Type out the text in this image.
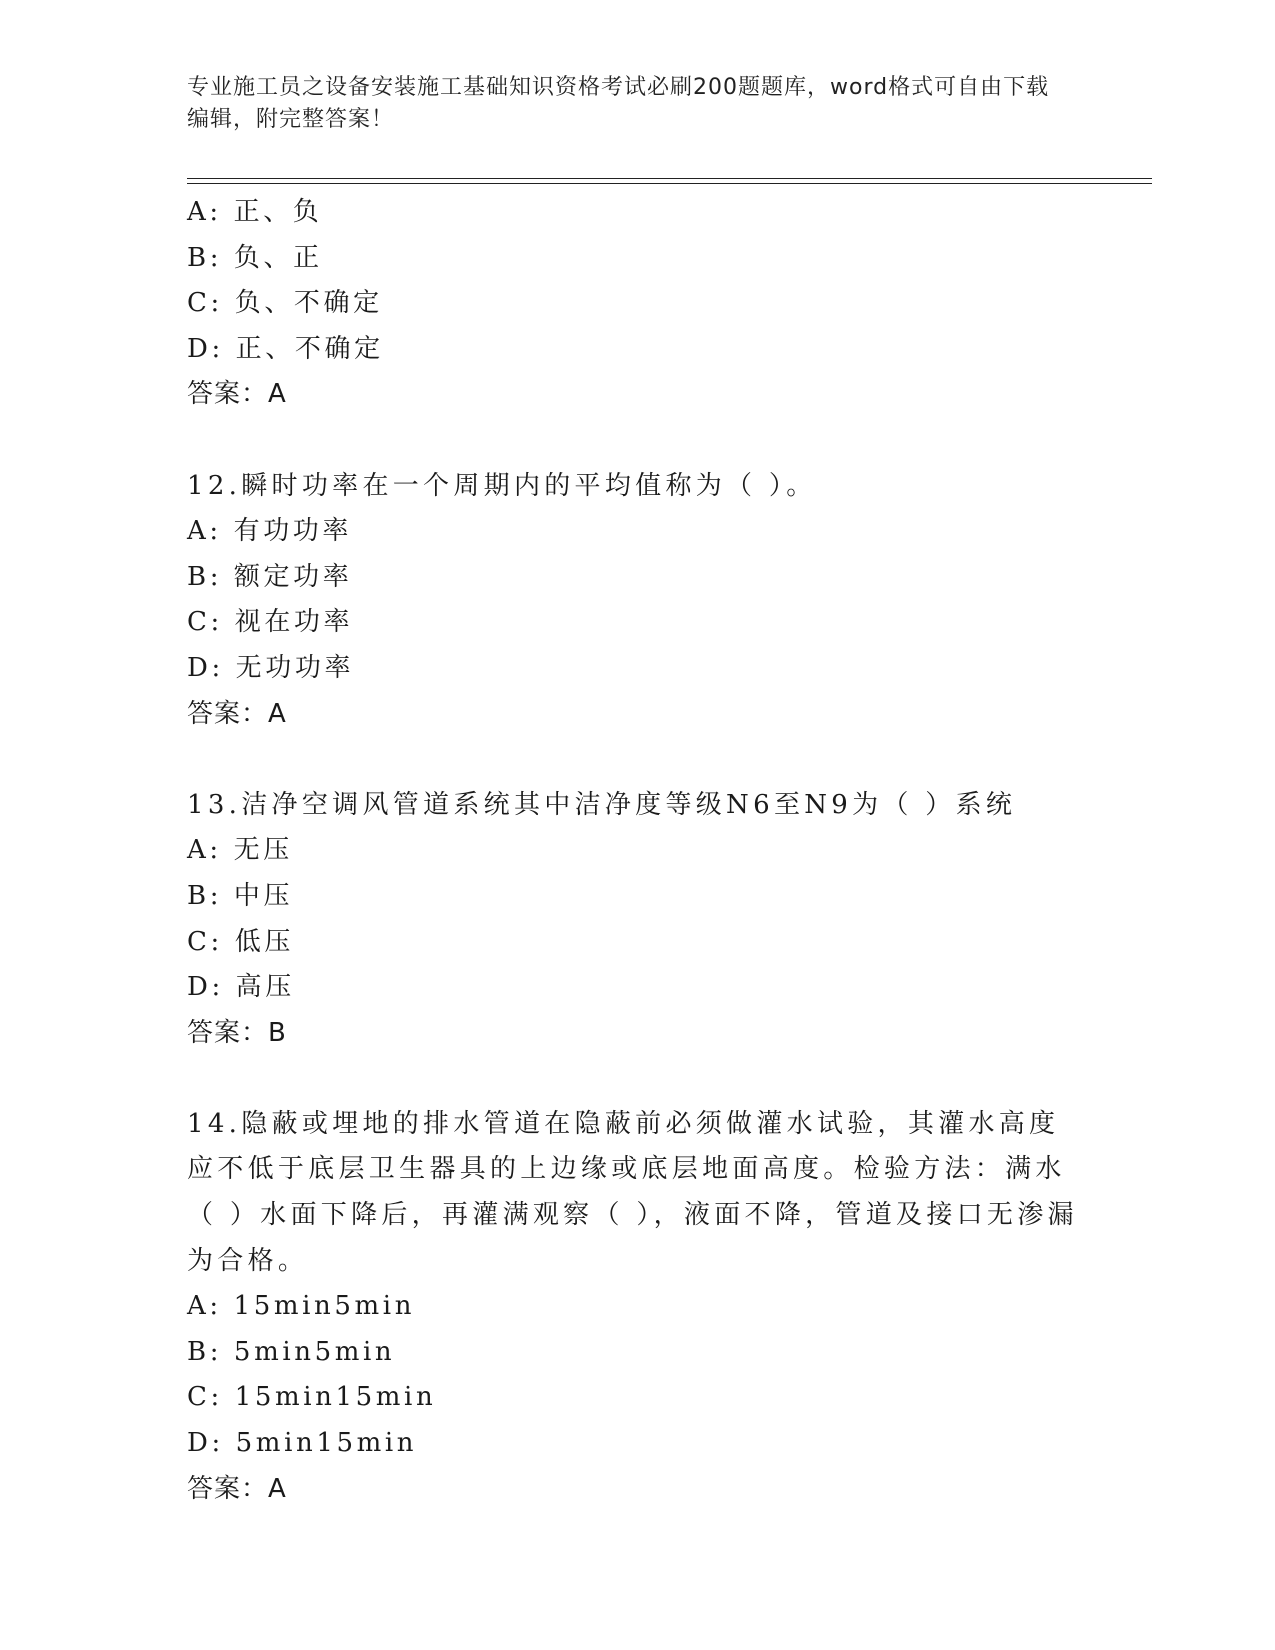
专业施工员之设备安装施工基础知识资格考试必刷200题题库，word格式可自由下载编辑，附完整答案！
A: 正、负
B: 负、正
C: 负、不确定
D: 正、不确定
答案：A
12.瞬时功率在一个周期内的平均值称为（ ）。
A: 有功功率
B: 额定功率
C: 视在功率
D: 无功功率
答案：A
13.洁净空调风管道系统其中洁净度等级N6至N9为（ ）系统
A: 无压
B: 中压
C: 低压
D: 高压
答案：B
14.隐蔽或埋地的排水管道在隐蔽前必须做灌水试验，其灌水高度应不低于底层卫生器具的上边缘或底层地面高度。检验方法：满水（ ）水面下降后，再灌满观察（ ），液面不降，管道及接口无渗漏为合格。
A: 15min5min
B: 5min5min
C: 15min15min
D: 5min15min
答案：A
